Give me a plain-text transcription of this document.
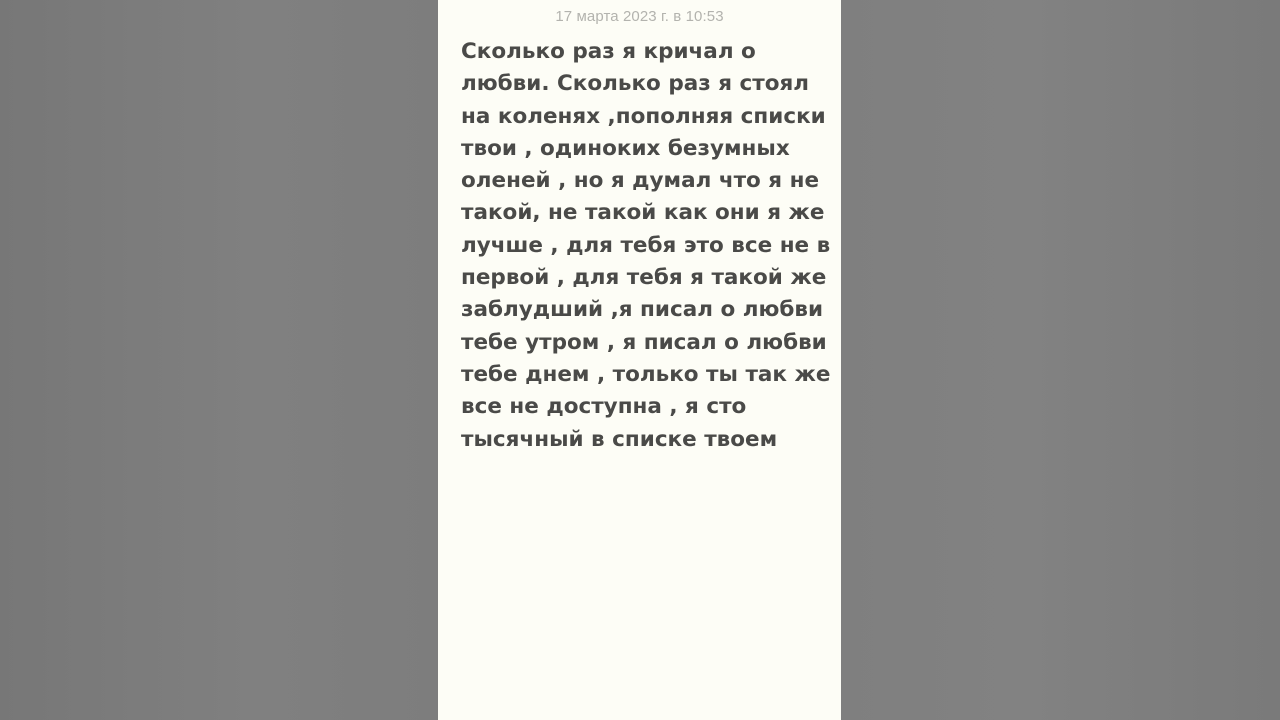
17 марта 2023 г. в 10:53
Сколько раз я кричал о
любви. Сколько раз я стоял
на коленях ,пополняя списки
твои , одиноких безумных
оленей , но я думал что я не
такой, не такой как они я же
лучше , для тебя это все не в
первой , для тебя я такой же
заблудший ,я писал о любви
тебе утром , я писал о любви
тебе днем , только ты так же
все не доступна , я сто
тысячный в списке твоем
